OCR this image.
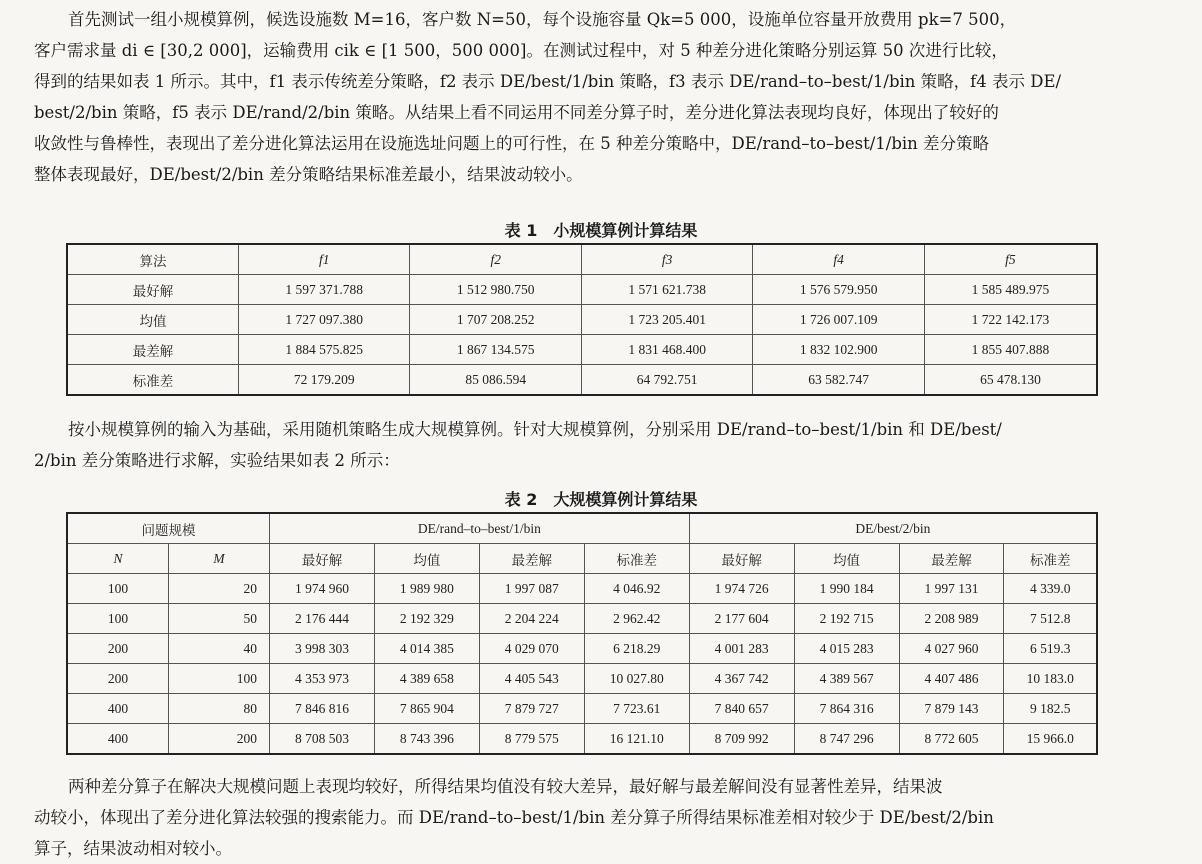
首先测试一组小规模算例，候选设施数 M=16，客户数 N=50，每个设施容量 Qk=5 000，设施单位容量开放费用 pk=7 500，
客户需求量 di ∈ [30,2 000]，运输费用 cik ∈ [1 500，500 000]。在测试过程中，对 5 种差分进化策略分别运算 50 次进行比较，
得到的结果如表 1 所示。其中，f1 表示传统差分策略，f2 表示 DE/best/1/bin 策略，f3 表示 DE/rand–to–best/1/bin 策略，f4 表示 DE/
best/2/bin 策略，f5 表示 DE/rand/2/bin 策略。从结果上看不同运用不同差分算子时，差分进化算法表现均良好，体现出了较好的
收敛性与鲁棒性，表现出了差分进化算法运用在设施选址问题上的可行性，在 5 种差分策略中，DE/rand–to–best/1/bin 差分策略
整体表现最好，DE/best/2/bin 差分策略结果标准差最小，结果波动较小。

表 1　小规模算例计算结果

算法	f1	f2	f3	f4	f5
最好解	1 597 371.788	1 512 980.750	1 571 621.738	1 576 579.950	1 585 489.975
均值	1 727 097.380	1 707 208.252	1 723 205.401	1 726 007.109	1 722 142.173
最差解	1 884 575.825	1 867 134.575	1 831 468.400	1 832 102.900	1 855 407.888
标准差	72 179.209	85 086.594	64 792.751	63 582.747	65 478.130

按小规模算例的输入为基础，采用随机策略生成大规模算例。针对大规模算例，分别采用 DE/rand–to–best/1/bin 和 DE/best/
2/bin 差分策略进行求解，实验结果如表 2 所示：

表 2　大规模算例计算结果

问题规模		DE/rand–to–best/1/bin				DE/best/2/bin			
N	M	最好解	均值	最差解	标准差	最好解	均值	最差解	标准差
100	20	1 974 960	1 989 980	1 997 087	4 046.92	1 974 726	1 990 184	1 997 131	4 339.0
100	50	2 176 444	2 192 329	2 204 224	2 962.42	2 177 604	2 192 715	2 208 989	7 512.8
200	40	3 998 303	4 014 385	4 029 070	6 218.29	4 001 283	4 015 283	4 027 960	6 519.3
200	100	4 353 973	4 389 658	4 405 543	10 027.80	4 367 742	4 389 567	4 407 486	10 183.0
400	80	7 846 816	7 865 904	7 879 727	7 723.61	7 840 657	7 864 316	7 879 143	9 182.5
400	200	8 708 503	8 743 396	8 779 575	16 121.10	8 709 992	8 747 296	8 772 605	15 966.0

两种差分算子在解决大规模问题上表现均较好，所得结果均值没有较大差异，最好解与最差解间没有显著性差异，结果波
动较小，体现出了差分进化算法较强的搜索能力。而 DE/rand–to–best/1/bin 差分算子所得结果标准差相对较少于 DE/best/2/bin
算子，结果波动相对较小。
